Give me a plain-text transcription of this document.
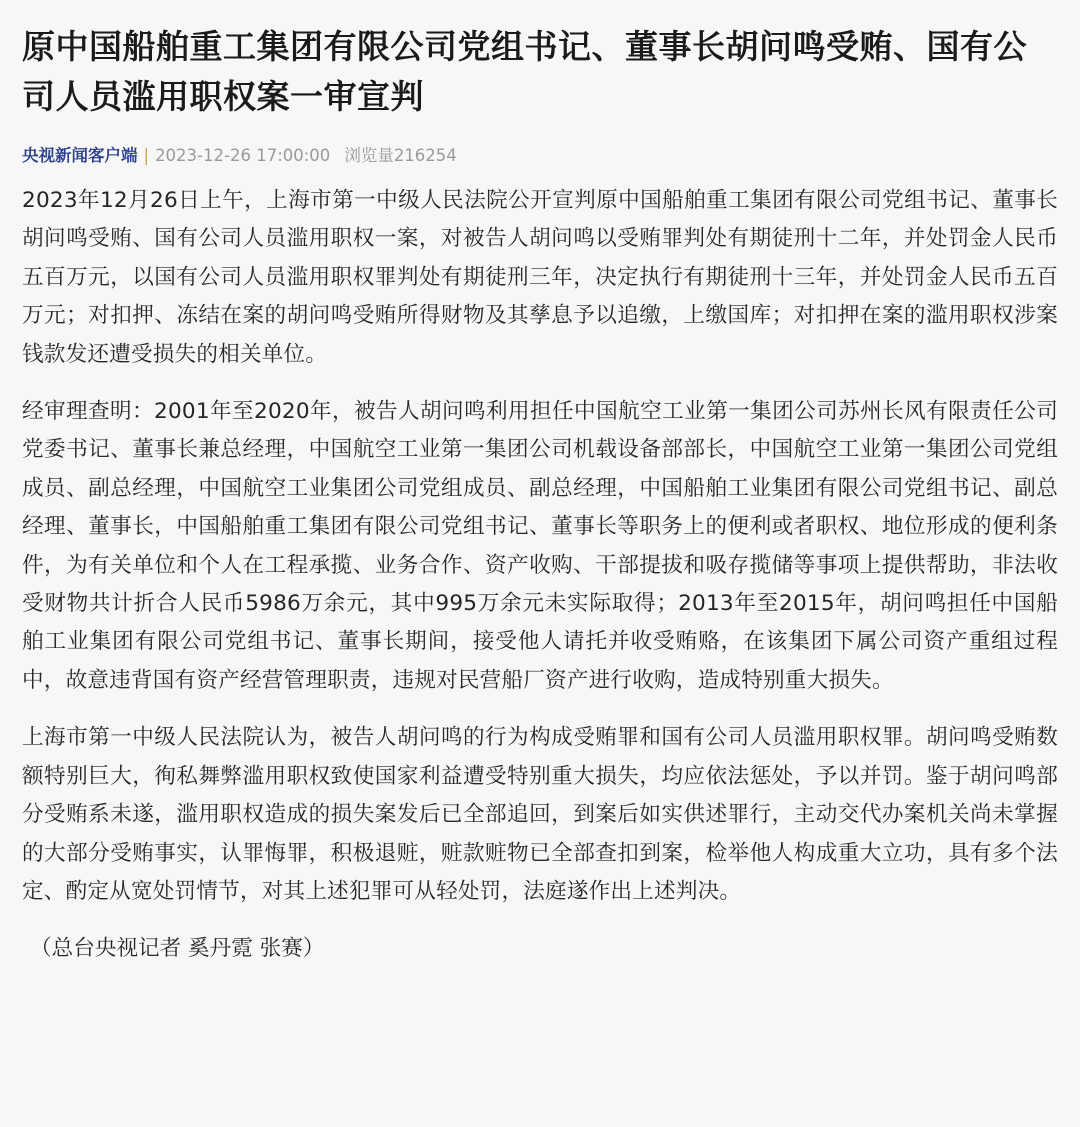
原中国船舶重工集团有限公司党组书记、董事长胡问鸣受贿、国有公司人员滥用职权案一审宣判
央视新闻客户端 | 2023-12-26 17:00:00 浏览量216254

2023年12月26日上午，上海市第一中级人民法院公开宣判原中国船舶重工集团有限公司党组书记、董事长胡问鸣受贿、国有公司人员滥用职权一案，对被告人胡问鸣以受贿罪判处有期徒刑十二年，并处罚金人民币五百万元，以国有公司人员滥用职权罪判处有期徒刑三年，决定执行有期徒刑十三年，并处罚金人民币五百万元；对扣押、冻结在案的胡问鸣受贿所得财物及其孳息予以追缴，上缴国库；对扣押在案的滥用职权涉案钱款发还遭受损失的相关单位。

经审理查明：2001年至2020年，被告人胡问鸣利用担任中国航空工业第一集团公司苏州长风有限责任公司党委书记、董事长兼总经理，中国航空工业第一集团公司机载设备部部长，中国航空工业第一集团公司党组成员、副总经理，中国航空工业集团公司党组成员、副总经理，中国船舶工业集团有限公司党组书记、副总经理、董事长，中国船舶重工集团有限公司党组书记、董事长等职务上的便利或者职权、地位形成的便利条件，为有关单位和个人在工程承揽、业务合作、资产收购、干部提拔和吸存揽储等事项上提供帮助，非法收受财物共计折合人民币5986万余元，其中995万余元未实际取得；2013年至2015年，胡问鸣担任中国船舶工业集团有限公司党组书记、董事长期间，接受他人请托并收受贿赂，在该集团下属公司资产重组过程中，故意违背国有资产经营管理职责，违规对民营船厂资产进行收购，造成特别重大损失。

上海市第一中级人民法院认为，被告人胡问鸣的行为构成受贿罪和国有公司人员滥用职权罪。胡问鸣受贿数额特别巨大，徇私舞弊滥用职权致使国家利益遭受特别重大损失，均应依法惩处，予以并罚。鉴于胡问鸣部分受贿系未遂，滥用职权造成的损失案发后已全部追回，到案后如实供述罪行，主动交代办案机关尚未掌握的大部分受贿事实，认罪悔罪，积极退赃，赃款赃物已全部查扣到案，检举他人构成重大立功，具有多个法定、酌定从宽处罚情节，对其上述犯罪可从轻处罚，法庭遂作出上述判决。

（总台央视记者 奚丹霓 张赛）
